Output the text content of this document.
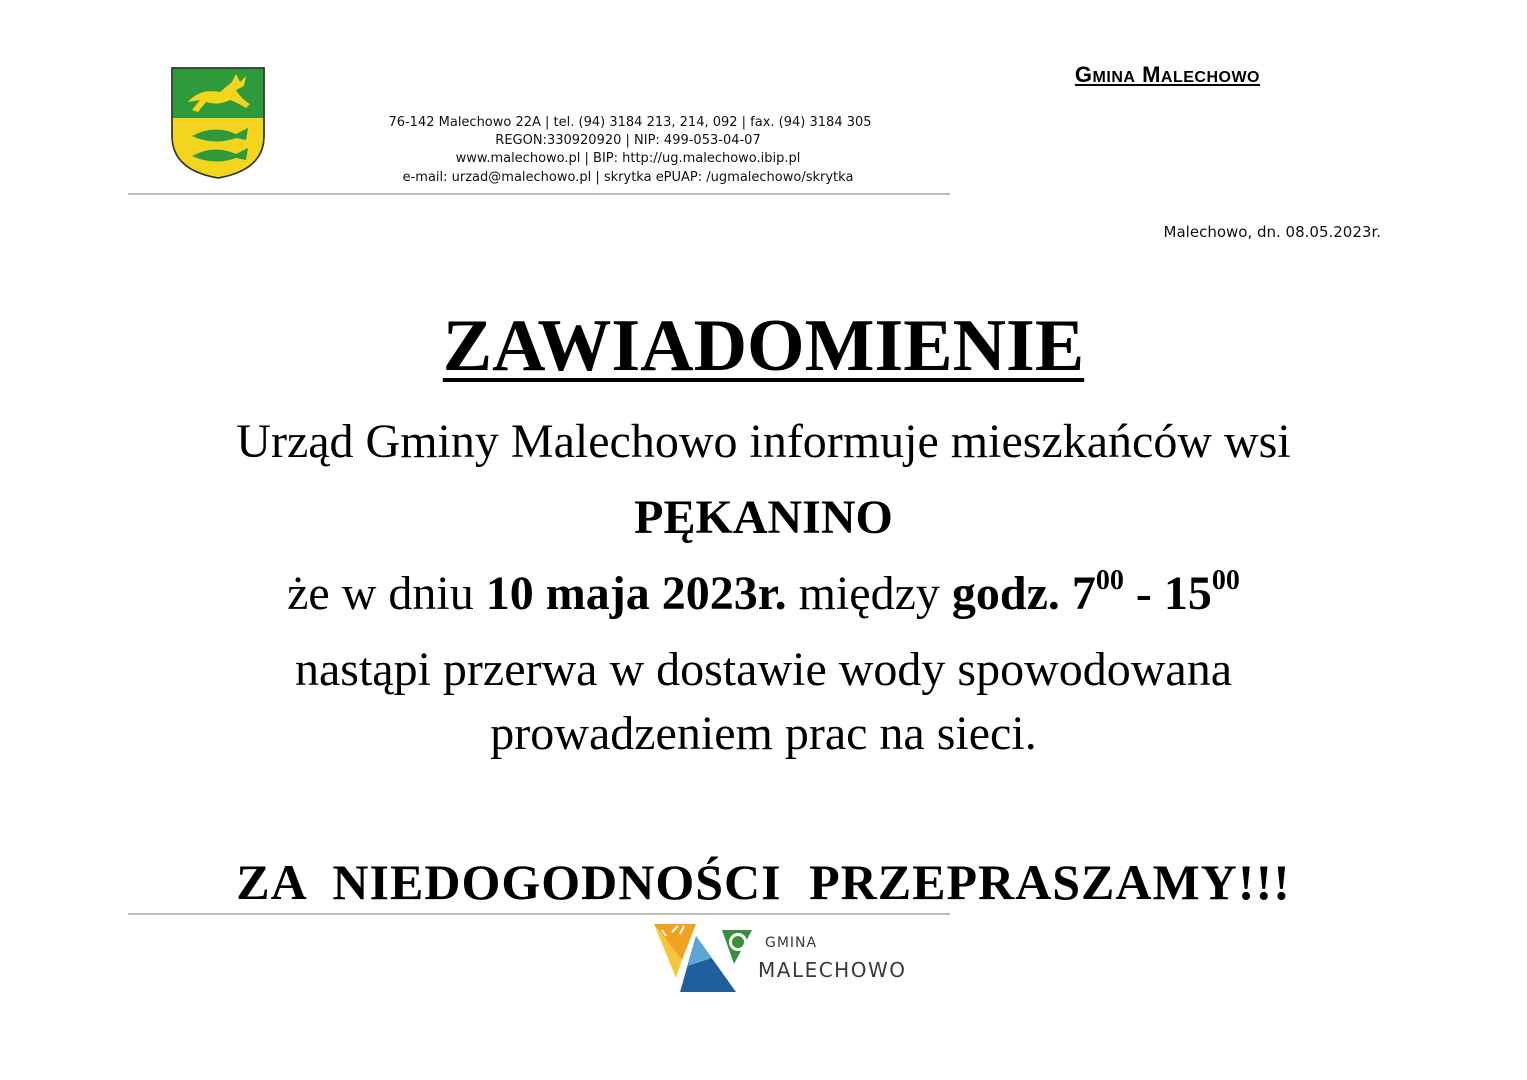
GMINA MALECHOWO
76-142 Malechowo 22A | tel. (94) 3184 213, 214, 092 | fax. (94) 3184 305
REGON:330920920 | NIP: 499-053-04-07
www.malechowo.pl | BIP: http://ug.malechowo.ibip.pl
e-mail: urzad@malechowo.pl | skrytka ePUAP: /ugmalechowo/skrytka
Malechowo, dn. 08.05.2023r.
ZAWIADOMIENIE
Urząd Gminy Malechowo informuje mieszkańców wsi
PĘKANINO
że w dniu 10 maja 2023r. między godz. $7^{00} - 15^{00}$
nastąpi przerwa w dostawie wody spowodowana
prowadzeniem prac na sieci.
ZA NIEDOGODNOŚCI PRZEPRASZAMY!!!
GMINA
MALECHOWO
